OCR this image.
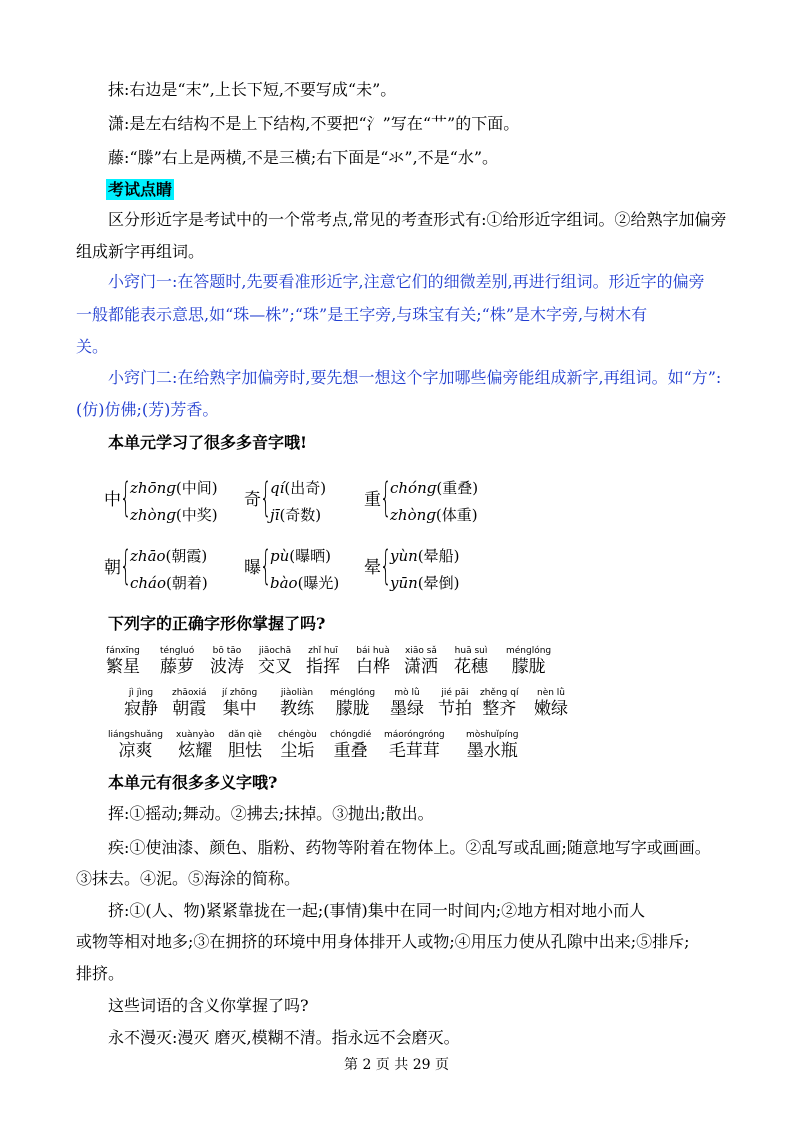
抹:右边是“末”,上长下短,不要写成“未”。
潇:是左右结构不是上下结构,不要把“氵”写在“艹”的下面。
藤:“滕”右上是两横,不是三横;右下面是“氺”,不是“水”。
考试点睛
区分形近字是考试中的一个常考点,常见的考查形式有:①给形近字组词。②给熟字加偏旁
组成新字再组词。
小窍门一:在答题时,先要看准形近字,注意它们的细微差别,再进行组词。形近字的偏旁
一般都能表示意思,如“珠—株”;“珠”是王字旁,与珠宝有关;“株”是木字旁,与树木有
关。
小窍门二:在给熟字加偏旁时,要先想一想这个字加哪些偏旁能组成新字,再组词。如“方”:
(仿)仿佛;(芳)芳香。
本单元学习了很多多音字哦!
中 {
zhōnɡ(中间)
zhònɡ(中奖)
奇 {
qí(出奇)
jī(奇数)
重 {
chónɡ(重叠)
zhònɡ(体重)
朝 {
zhāo(朝霞)
cháo(朝着)
曝 {
pù(曝晒)
bào(曝光)
晕 {
yùn(晕船)
yūn(晕倒)
下列字的正确字形你掌握了吗?
fánxīnɡ
繁星
ténɡluó
藤萝
bō tāo
波涛
jiāochā
交叉
zhǐ huī
指挥
bái huà
白桦
xiāo sǎ
潇洒
huā suì
花穗
ménɡlónɡ
朦胧
jì jìnɡ
寂静
zhāoxiá
朝霞
jí zhōnɡ
集中
jiàoliàn
教练
ménɡlónɡ
朦胧
mò lǜ
墨绿
jié pāi
节拍
zhěnɡ qí
整齐
nèn lǜ
嫩绿
liánɡshuǎnɡ
凉爽
xuànyào
炫耀
dǎn qiè
胆怯
chéngòu
尘垢
chónɡdié
重叠
máorónɡrónɡ
毛茸茸
mòshuǐpínɡ
墨水瓶
本单元有很多多义字哦?
挥:①摇动;舞动。②拂去;抹掉。③抛出;散出。
疾:①使油漆、颜色、脂粉、药物等附着在物体上。②乱写或乱画;随意地写字或画画。
③抹去。④泥。⑤海涂的简称。
挤:①(人、物)紧紧靠拢在一起;(事情)集中在同一时间内;②地方相对地小而人
或物等相对地多;③在拥挤的环境中用身体排开人或物;④用压力使从孔隙中出来;⑤排斥;
排挤。
这些词语的含义你掌握了吗?
永不漫灭:漫灭 磨灭,模糊不清。指永远不会磨灭。
第 2 页 共 29 页
